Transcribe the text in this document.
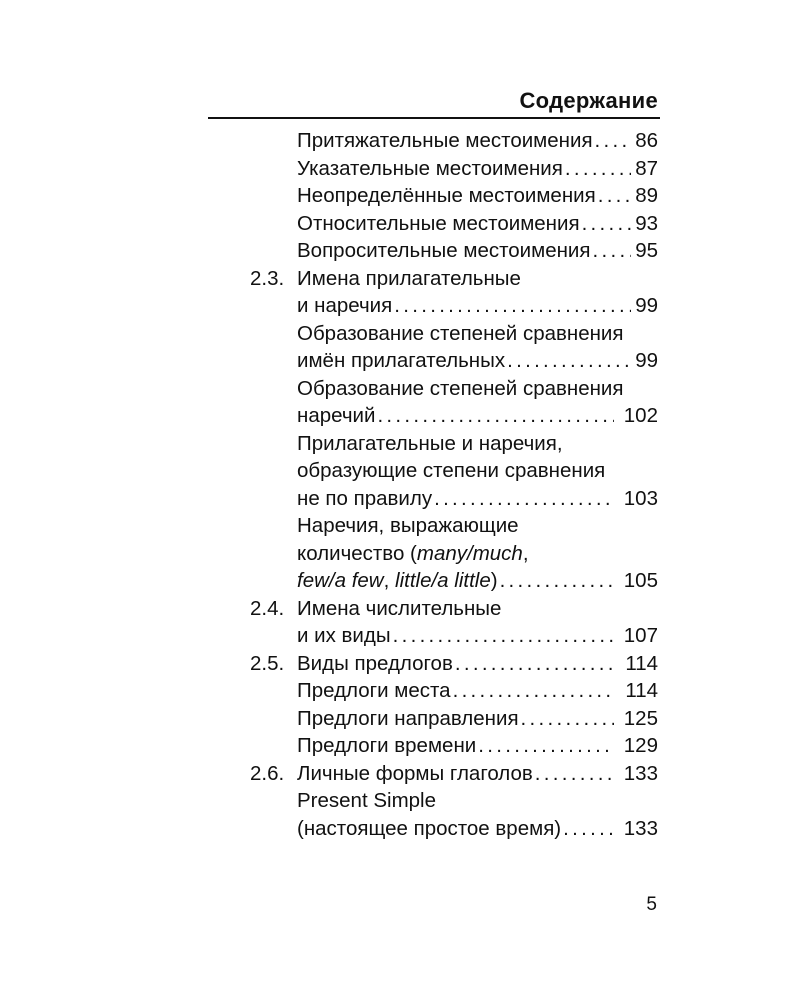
Содержание
Притяжательные местоимения . . . 86
Указательные местоимения . . .	87
Неопределённые местоимения . . . 89
Относительные местоимения . . .	93
Вопросительные местоимения . . . 95
2.3. Имена прилагательные
и наречия . . .	99
Образование степеней сравнения
имён прилагательных . . .	99
Образование степеней сравнения
наречий . . .	102
Прилагательные и наречия,
образующие степени сравнения
не по правилу . . .	103
Наречия, выражающие
количество (many/much,
few/a few, little/a little) . . .	105
2.4. Имена числительные
и их виды . . .	107
2.5. Виды предлогов . . .	114
Предлоги места . . .	114
Предлоги направления . . .	125
Предлоги времени . . .	129
2.6. Личные формы глаголов . . .	133
Present Simple
(настоящее простое время) . . .	133
5
